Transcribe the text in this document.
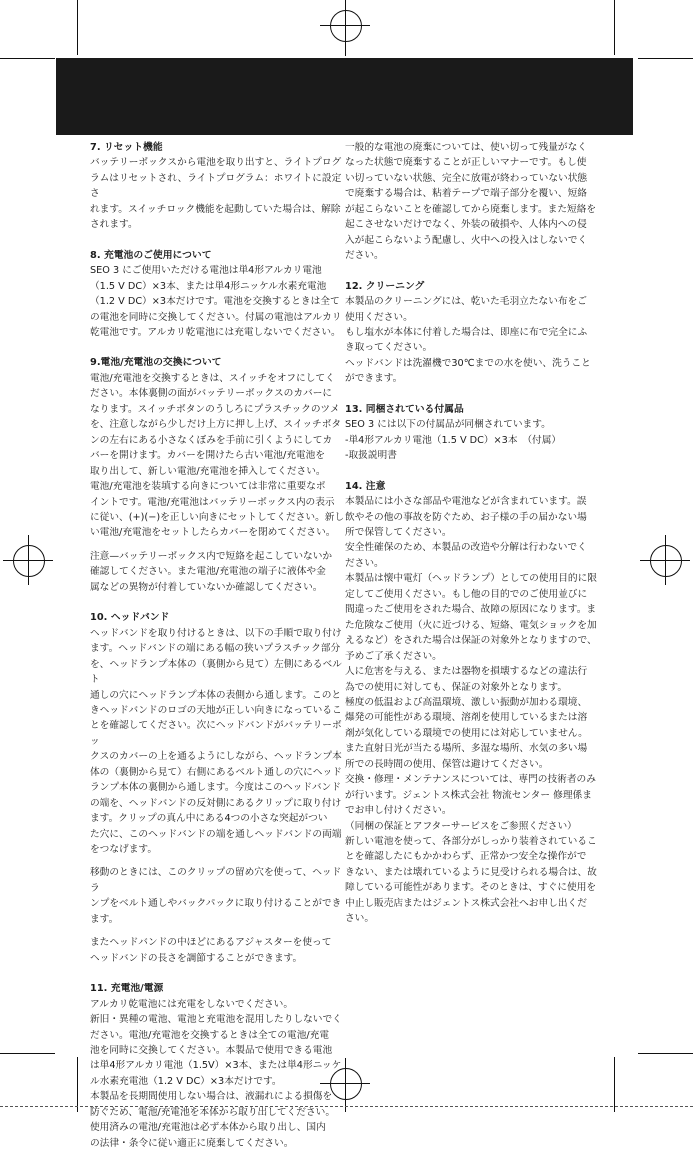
7. リセット機能

バッテリーボックスから電池を取り出すと、ライトプログ
ラムはリセットされ、ライトプログラム：ホワイトに設定さ
れます。スイッチロック機能を起動していた場合は、解除
されます。

8. 充電池のご使用について

SEO 3 にご使用いただける電池は単4形アルカリ電池
（1.5 V DC）×3本、または単4形ニッケル水素充電池
（1.2 V DC）×3本だけです。電池を交換するときは全て
の電池を同時に交換してください。付属の電池はアルカリ
乾電池です。アルカリ乾電池には充電しないでください。

9.電池/充電池の交換について

電池/充電池を交換するときは、スイッチをオフにしてく
ださい。本体裏側の面がバッテリーボックスのカバーに
なります。スイッチボタンのうしろにプラスチックのツメ
を、注意しながら少しだけ上方に押し上げ、スイッチボタ
ンの左右にある小さなくぼみを手前に引くようにしてカ
バーを開けます。カバーを開けたら古い電池/充電池を
取り出して、新しい電池/充電池を挿入してください。
電池/充電池を装填する向きについては非常に重要なポ
イントです。電池/充電池はバッテリーボックス内の表示
に従い、(+)(−)を正しい向きにセットしてください。新し
い電池/充電池をセットしたらカバーを閉めてください。

注意—バッテリーボックス内で短絡を起こしていないか
確認してください。また電池/充電池の端子に液体や金
属などの異物が付着していないか確認してください。

10. ヘッドバンド

ヘッドバンドを取り付けるときは、以下の手順で取り付け
ます。ヘッドバンドの端にある幅の狭いプラスチック部分
を、ヘッドランプ本体の（裏側から見て）左側にあるベルト
通しの穴にヘッドランプ本体の表側から通します。このと
きヘッドバンドのロゴの天地が正しい向きになっているこ
とを確認してください。次にヘッドバンドがバッテリーボッ
クスのカバーの上を通るようにしながら、ヘッドランプ本
体の（裏側から見て）右側にあるベルト通しの穴にヘッド
ランプ本体の裏側から通します。今度はこのヘッドバンド
の端を、ヘッドバンドの反対側にあるクリップに取り付け
ます。クリップの真ん中にある4つの小さな突起がつい
た穴に、このヘッドバンドの端を通しヘッドバンドの両端
をつなげます。

移動のときには、このクリップの留め穴を使って、ヘッドラ
ンプをベルト通しやバックパックに取り付けることができ
ます。

またヘッドバンドの中ほどにあるアジャスターを使って
ヘッドバンドの長さを調節することができます。

11. 充電池/電源

アルカリ乾電池には充電をしないでください。
新旧・異種の電池、電池と充電池を混用したりしないでく
ださい。電池/充電池を交換するときは全ての電池/充電
池を同時に交換してください。本製品で使用できる電池
は単4形アルカリ電池（1.5V）×3本、または単4形ニッケ
ル水素充電池（1.2 V DC）×3本だけです。
本製品を長期間使用しない場合は、液漏れによる損傷を
防ぐため、電池/充電池を本体から取り出してください。
使用済みの電池/充電池は必ず本体から取り出し、国内
の法律・条令に従い適正に廃棄してください。

一般的な電池の廃棄については、使い切って残量がなく
なった状態で廃棄することが正しいマナーです。もし使
い切っていない状態、完全に放電が終わっていない状態
で廃棄する場合は、粘着テープで端子部分を覆い、短絡
が起こらないことを確認してから廃棄します。また短絡を
起こさせないだけでなく、外装の破損や、人体内への侵
入が起こらないよう配慮し、火中への投入はしないでく
ださい。

12. クリーニング

本製品のクリーニングには、乾いた毛羽立たない布をご
使用ください。
もし塩水が本体に付着した場合は、即座に布で完全にふ
き取ってください。
ヘッドバンドは洗濯機で30℃までの水を使い、洗うこと
ができます。

13. 同梱されている付属品

SEO 3 には以下の付属品が同梱されています。
-単4形アルカリ電池（1.5 V DC）×3本　（付属）
-取扱説明書

14. 注意

本製品には小さな部品や電池などが含まれています。誤
飲やその他の事故を防ぐため、お子様の手の届かない場
所で保管してください。
安全性確保のため、本製品の改造や分解は行わないでく
ださい。
本製品は懐中電灯（ヘッドランプ）としての使用目的に限
定してご使用ください。もし他の目的でのご使用並びに
間違ったご使用をされた場合、故障の原因になります。ま
た危険なご使用（火に近づける、短絡、電気ショックを加
えるなど）をされた場合は保証の対象外となりますので、
予めご了承ください。
人に危害を与える、または器物を損壊するなどの違法行
為での使用に対しても、保証の対象外となります。
極度の低温および高温環境、激しい振動が加わる環境、
爆発の可能性がある環境、溶剤を使用しているまたは溶
剤が気化している環境での使用には対応していません。
また直射日光が当たる場所、多湿な場所、水気の多い場
所での長時間の使用、保管は避けてください。
交換・修理・メンテナンスについては、専門の技術者のみ
が行います。ジェントス株式会社 物流センター 修理係ま
でお申し付けください。
（同梱の保証とアフターサービスをご参照ください）
新しい電池を使って、各部分がしっかり装着されているこ
とを確認したにもかかわらず、正常かつ安全な操作がで
きない、または壊れているように見受けられる場合は、故
障している可能性があります。そのときは、すぐに使用を
中止し販売店またはジェントス株式会社へお申し出くだ
さい。
